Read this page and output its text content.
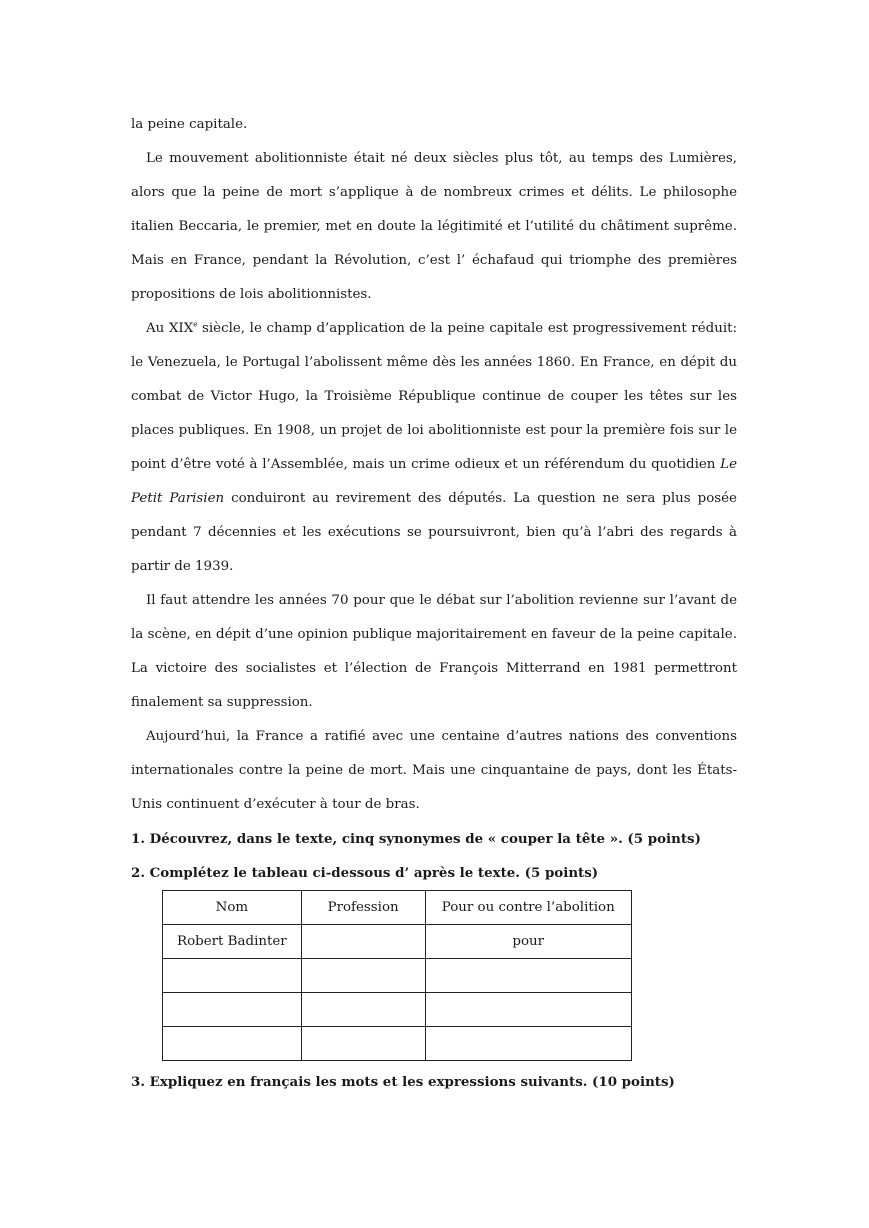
la peine capitale.

Le mouvement abolitionniste était né deux siècles plus tôt, au temps des Lumières, alors que la peine de mort s’applique à de nombreux crimes et délits. Le philosophe italien Beccaria, le premier, met en doute la légitimité et l’utilité du châtiment suprême. Mais en France, pendant la Révolution, c’est l’ échafaud qui triomphe des premières propositions de lois abolitionnistes.

Au XIXe siècle, le champ d’application de la peine capitale est progressivement réduit: le Venezuela, le Portugal l’abolissent même dès les années 1860. En France, en dépit du combat de Victor Hugo, la Troisième République continue de couper les têtes sur les places publiques. En 1908, un projet de loi abolitionniste est pour la première fois sur le point d’être voté à l’Assemblée, mais un crime odieux et un référendum du quotidien Le Petit Parisien conduiront au revirement des députés. La question ne sera plus posée pendant 7 décennies et les exécutions se poursuivront, bien qu’à l’abri des regards à partir de 1939.

Il faut attendre les années 70 pour que le débat sur l’abolition revienne sur l’avant de la scène, en dépit d’une opinion publique majoritairement en faveur de la peine capitale. La victoire des socialistes et l’élection de François Mitterrand en 1981 permettront finalement sa suppression.

Aujourd’hui, la France a ratifié avec une centaine d’autres nations des conventions internationales contre la peine de mort. Mais une cinquantaine de pays, dont les États-Unis continuent d’exécuter à tour de bras.

1. Découvrez, dans le texte, cinq synonymes de « couper la tête ». (5 points)

2. Complétez le tableau ci-dessous d’ après le texte. (5 points)

Nom	Profession	Pour ou contre l’abolition
Robert Badinter		pour

3. Expliquez en français les mots et les expressions suivants. (10 points)
